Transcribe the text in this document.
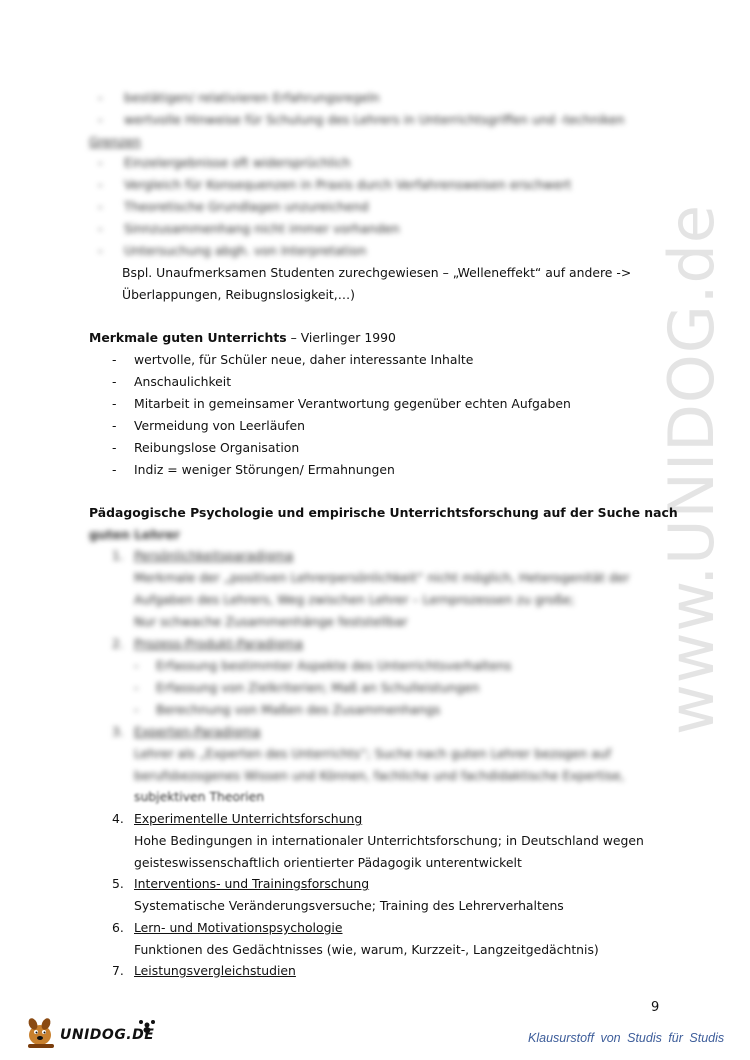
www.UNIDOG.de
- bestätigen/ relativieren Erfahrungsregeln
- wertvolle Hinweise für Schulung des Lehrers in Unterrichtsgriffen und -techniken
Grenzen
- Einzelergebnisse oft widersprüchlich
- Vergleich für Konsequenzen in Praxis durch Verfahrensweisen erschwert
- Theoretische Grundlagen unzureichend
- Sinnzusammenhang nicht immer vorhanden
- Untersuchung abgh. von Interpretation
Bspl. Unaufmerksamen Studenten zurechgewiesen – „Welleneffekt“ auf andere ->
Überlappungen, Reibugnslosigkeit,…)
Merkmale guten Unterrichts – Vierlinger 1990
- wertvolle, für Schüler neue, daher interessante Inhalte
- Anschaulichkeit
- Mitarbeit in gemeinsamer Verantwortung gegenüber echten Aufgaben
- Vermeidung von Leerläufen
- Reibungslose Organisation
- Indiz = weniger Störungen/ Ermahnungen
Pädagogische Psychologie und empirische Unterrichtsforschung auf der Suche nach
guten Lehrer
1. Persönlichkeitsparadigma
Merkmale der „positiven Lehrerpersönlichkeit“ nicht möglich, Heterogenität der
Aufgaben des Lehrers, Weg zwischen Lehrer – Lernprozessen zu große;
Nur schwache Zusammenhänge feststellbar
2. Prozess-Produkt-Paradigma
- Erfassung bestimmter Aspekte des Unterrichtsverhaltens
- Erfassung von Zielkriterien; Maß an Schulleistungen
- Berechnung von Maßen des Zusammenhangs
3. Experten-Paradigma
Lehrer als „Experten des Unterrichts“; Suche nach guten Lehrer bezogen auf
berufsbezogenes Wissen und Können, fachliche und fachdidaktische Expertise,
subjektiven Theorien
4. Experimentelle Unterrichtsforschung
Hohe Bedingungen in internationaler Unterrichtsforschung; in Deutschland wegen
geisteswissenschaftlich orientierter Pädagogik unterentwickelt
5. Interventions- und Trainingsforschung
Systematische Veränderungsversuche; Training des Lehrerverhaltens
6. Lern- und Motivationspsychologie
Funktionen des Gedächtnisses (wie, warum, Kurzzeit-, Langzeitgedächtnis)
7. Leistungsvergleichstudien
9
UNIDOG.DE	Klausurstoff von Studis für Studis
